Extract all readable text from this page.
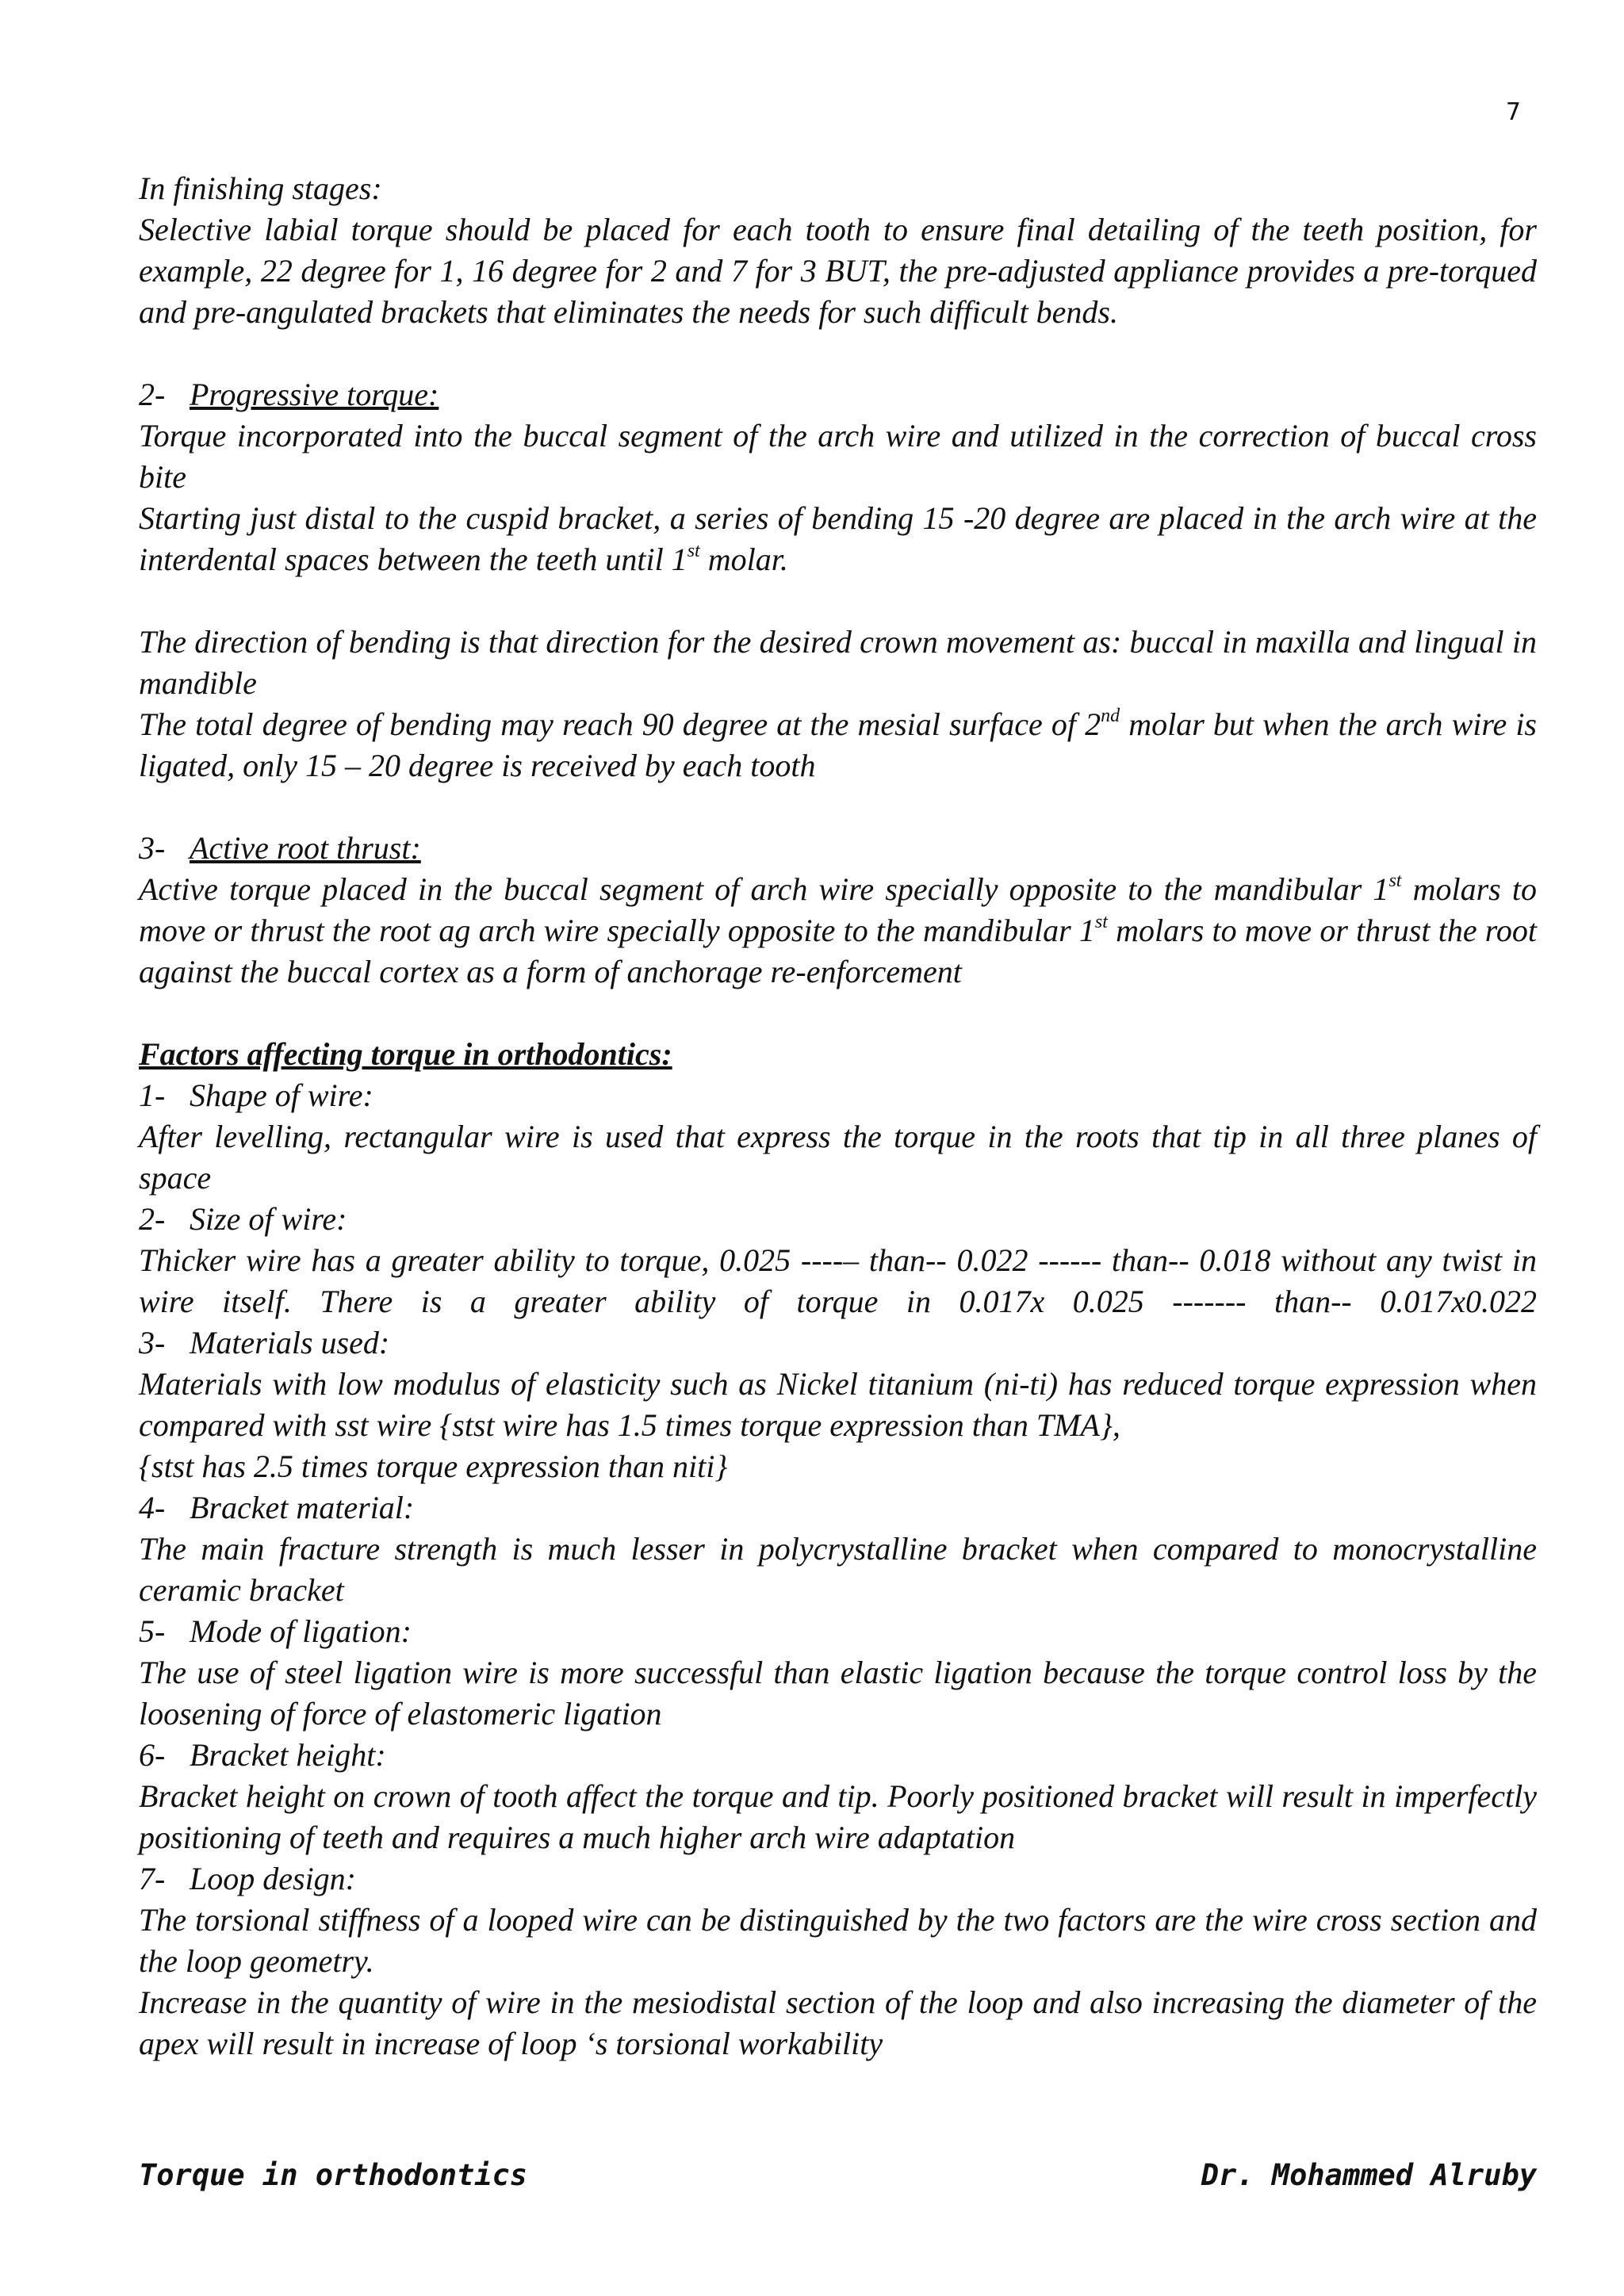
7

In finishing stages:

Selective labial torque should be placed for each tooth to ensure final detailing of the teeth position, for example, 22 degree for 1, 16 degree for 2 and 7 for 3 BUT, the pre-adjusted appliance provides a pre-torqued and pre-angulated brackets that eliminates the needs for such difficult bends.

2- Progressive torque:

Torque incorporated into the buccal segment of the arch wire and utilized in the correction of buccal cross bite

Starting just distal to the cuspid bracket, a series of bending 15 -20 degree are placed in the arch wire at the interdental spaces between the teeth until 1st molar.

The direction of bending is that direction for the desired crown movement as: buccal in maxilla and lingual in mandible

The total degree of bending may reach 90 degree at the mesial surface of 2nd molar but when the arch wire is ligated, only 15 – 20 degree is received by each tooth

3- Active root thrust:

Active torque placed in the buccal segment of arch wire specially opposite to the mandibular 1st molars to move or thrust the root ag arch wire specially opposite to the mandibular 1st molars to move or thrust the root against the buccal cortex as a form of anchorage re-enforcement

Factors affecting torque in orthodontics:

1- Shape of wire:

After levelling, rectangular wire is used that express the torque in the roots that tip in all three planes of space

2- Size of wire:

Thicker wire has a greater ability to torque, 0.025 ----– than-- 0.022 ------ than-- 0.018 without any twist in wire itself. There is a greater ability of torque in 0.017x 0.025 ------- than-- 0.017x0.022

3- Materials used:

Materials with low modulus of elasticity such as Nickel titanium (ni-ti) has reduced torque expression when compared with sst wire {stst wire has 1.5 times torque expression than TMA},

{stst has 2.5 times torque expression than niti}

4- Bracket material:

The main fracture strength is much lesser in polycrystalline bracket when compared to monocrystalline ceramic bracket

5- Mode of ligation:

The use of steel ligation wire is more successful than elastic ligation because the torque control loss by the loosening of force of elastomeric ligation

6- Bracket height:

Bracket height on crown of tooth affect the torque and tip. Poorly positioned bracket will result in imperfectly positioning of teeth and requires a much higher arch wire adaptation

7- Loop design:

The torsional stiffness of a looped wire can be distinguished by the two factors are the wire cross section and the loop geometry.

Increase in the quantity of wire in the mesiodistal section of the loop and also increasing the diameter of the apex will result in increase of loop ‘s torsional workability

Torque in orthodontics	Dr. Mohammed Alruby
